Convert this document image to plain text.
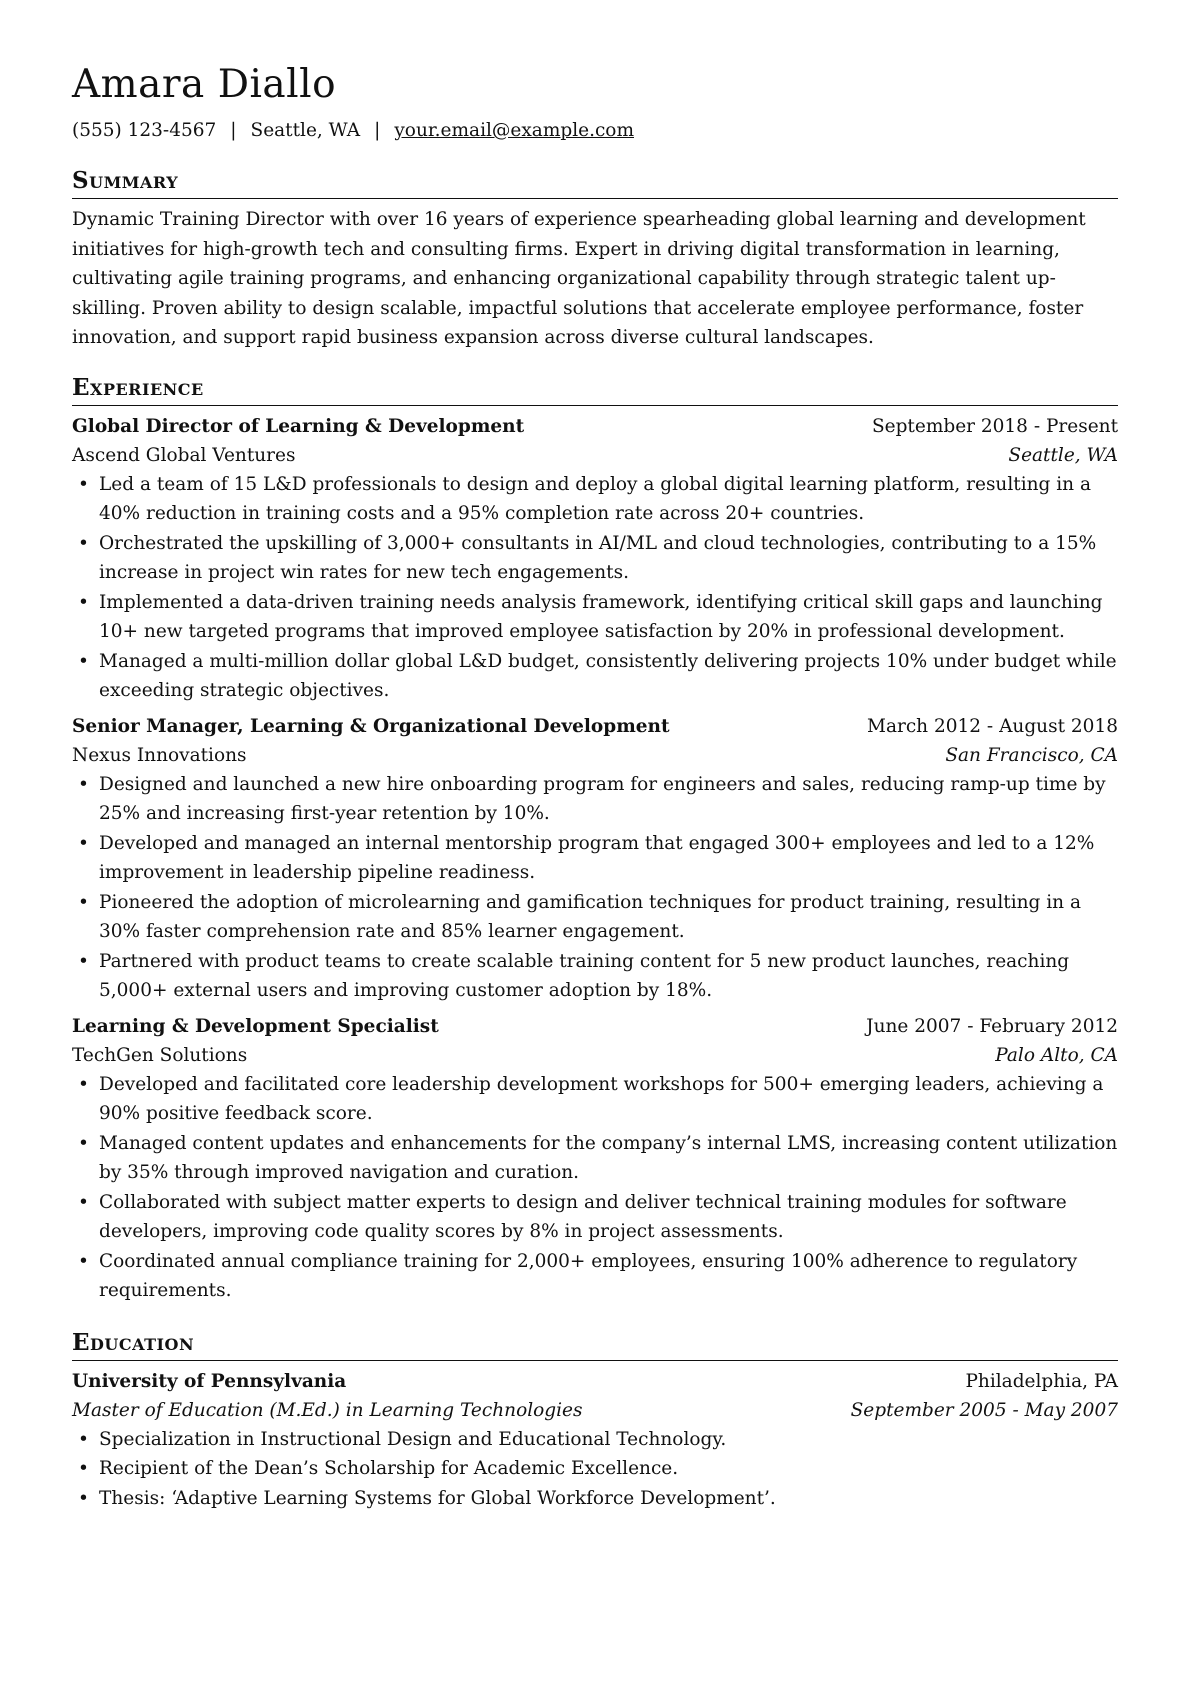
Amara Diallo
(555) 123-4567 | Seattle, WA | your.email@example.com
Summary

Dynamic Training Director with over 16 years of experience spearheading global learning and development initiatives for high-growth tech and consulting firms. Expert in driving digital transformation in learning, cultivating agile training programs, and enhancing organizational capability through strategic talent up-skilling. Proven ability to design scalable, impactful solutions that accelerate employee performance, foster innovation, and support rapid business expansion across diverse cultural landscapes.

Experience
Global Director of Learning & Development	September 2018 - Present
Ascend Global Ventures	Seattle, WA
• Led a team of 15 L&D professionals to design and deploy a global digital learning platform, resulting in a 40% reduction in training costs and a 95% completion rate across 20+ countries.
• Orchestrated the upskilling of 3,000+ consultants in AI/ML and cloud technologies, contributing to a 15% increase in project win rates for new tech engagements.
• Implemented a data-driven training needs analysis framework, identifying critical skill gaps and launching 10+ new targeted programs that improved employee satisfaction by 20% in professional development.
• Managed a multi-million dollar global L&D budget, consistently delivering projects 10% under budget while exceeding strategic objectives.
Senior Manager, Learning & Organizational Development	March 2012 - August 2018
Nexus Innovations	San Francisco, CA
• Designed and launched a new hire onboarding program for engineers and sales, reducing ramp-up time by 25% and increasing first-year retention by 10%.
• Developed and managed an internal mentorship program that engaged 300+ employees and led to a 12% improvement in leadership pipeline readiness.
• Pioneered the adoption of microlearning and gamification techniques for product training, resulting in a 30% faster comprehension rate and 85% learner engagement.
• Partnered with product teams to create scalable training content for 5 new product launches, reaching 5,000+ external users and improving customer adoption by 18%.
Learning & Development Specialist	June 2007 - February 2012
TechGen Solutions	Palo Alto, CA
• Developed and facilitated core leadership development workshops for 500+ emerging leaders, achieving a 90% positive feedback score.
• Managed content updates and enhancements for the company’s internal LMS, increasing content utilization by 35% through improved navigation and curation.
• Collaborated with subject matter experts to design and deliver technical training modules for software developers, improving code quality scores by 8% in project assessments.
• Coordinated annual compliance training for 2,000+ employees, ensuring 100% adherence to regulatory requirements.
Education
University of Pennsylvania	Philadelphia, PA
Master of Education (M.Ed.) in Learning Technologies	September 2005 - May 2007
• Specialization in Instructional Design and Educational Technology.
• Recipient of the Dean’s Scholarship for Academic Excellence.
• Thesis: ‘Adaptive Learning Systems for Global Workforce Development’.
